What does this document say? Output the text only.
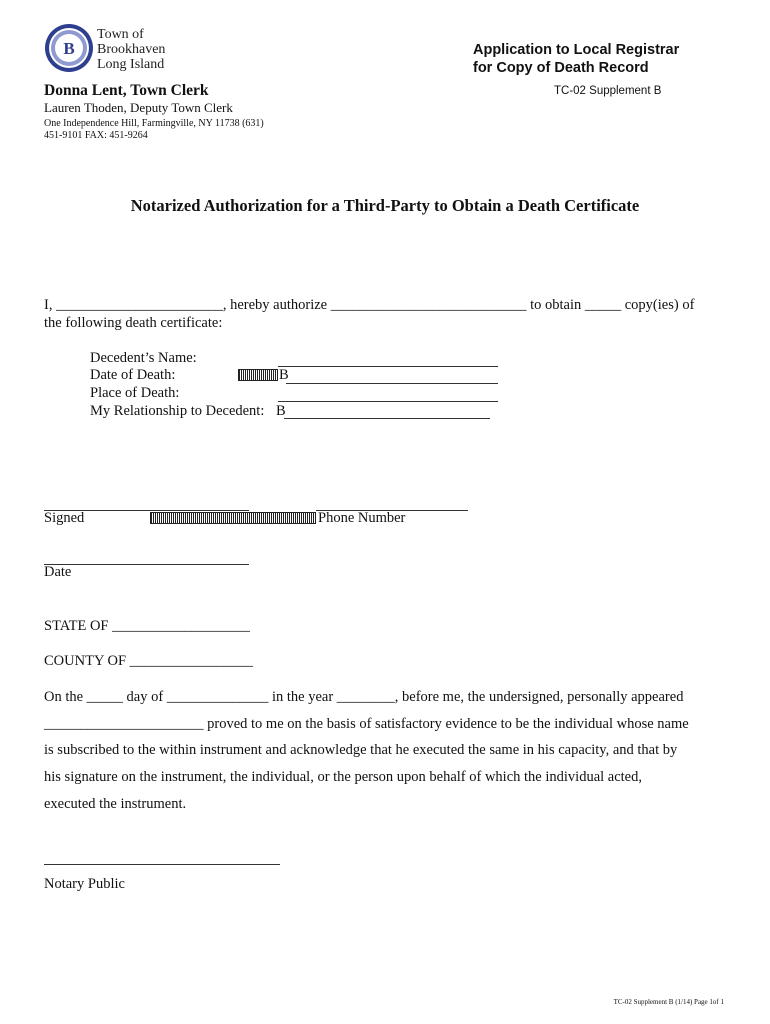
B
Town of
Brookhaven
Long Island
Application to Local Registrar
for Copy of Death Record
TC-02 Supplement B
Donna Lent, Town Clerk
Lauren Thoden, Deputy Town Clerk
One Independence Hill, Farmingville, NY 11738 (631)
451-9101 FAX: 451-9264
Notarized Authorization for a Third-Party to Obtain a Death Certificate
I, _______________________, hereby authorize ___________________________ to obtain _____ copy(ies) of
the following death certificate:
Decedent’s Name:
Date of Death:	B
Place of Death:
My Relationship to Decedent: B
Signed	Phone Number
Date
STATE OF ___________________
COUNTY OF _________________
On the _____ day of ______________ in the year ________, before me, the undersigned, personally appeared
______________________ proved to me on the basis of satisfactory evidence to be the individual whose name
is subscribed to the within instrument and acknowledge that he executed the same in his capacity, and that by
his signature on the instrument, the individual, or the person upon behalf of which the individual acted,
executed the instrument.
Notary Public
TC-02 Supplement B (1/14) Page 1of 1
